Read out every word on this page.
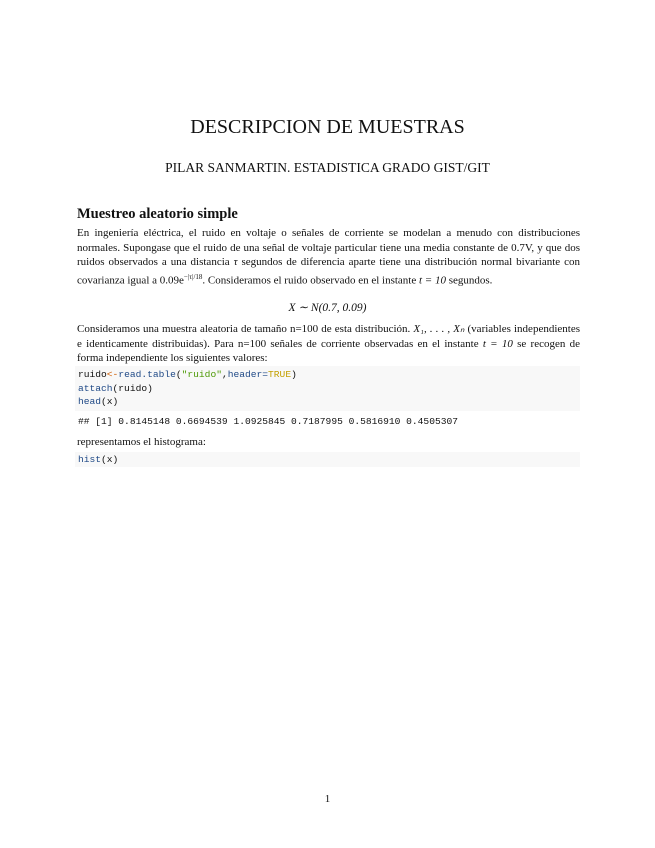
DESCRIPCION DE MUESTRAS
PILAR SANMARTIN. ESTADISTICA GRADO GIST/GIT
Muestreo aleatorio simple
En ingeniería eléctrica, el ruido en voltaje o señales de corriente se modelan a menudo con distribuciones normales. Supongase que el ruido de una señal de voltaje particular tiene una media constante de 0.7V, y que dos ruidos observados a una distancia τ segundos de diferencia aparte tiene una distribución normal bivariante con covarianza igual a $0.09e^{-|\tau|/18}$. Consideramos el ruido observado en el instante t = 10 segundos.
X ∼ N(0.7, 0.09)
Consideramos una muestra aleatoria de tamaño n=100 de esta distribución. X₁, . . . , Xₙ (variables independientes e identicamente distribuidas). Para n=100 señales de corriente observadas en el instante t = 10 se recogen de forma independiente los siguientes valores:
ruido<-read.table("ruido",header=TRUE)
attach(ruido)
head(x)
## [1] 0.8145148 0.6694539 1.0925845 0.7187995 0.5816910 0.4505307
representamos el histograma:
hist(x)
1
